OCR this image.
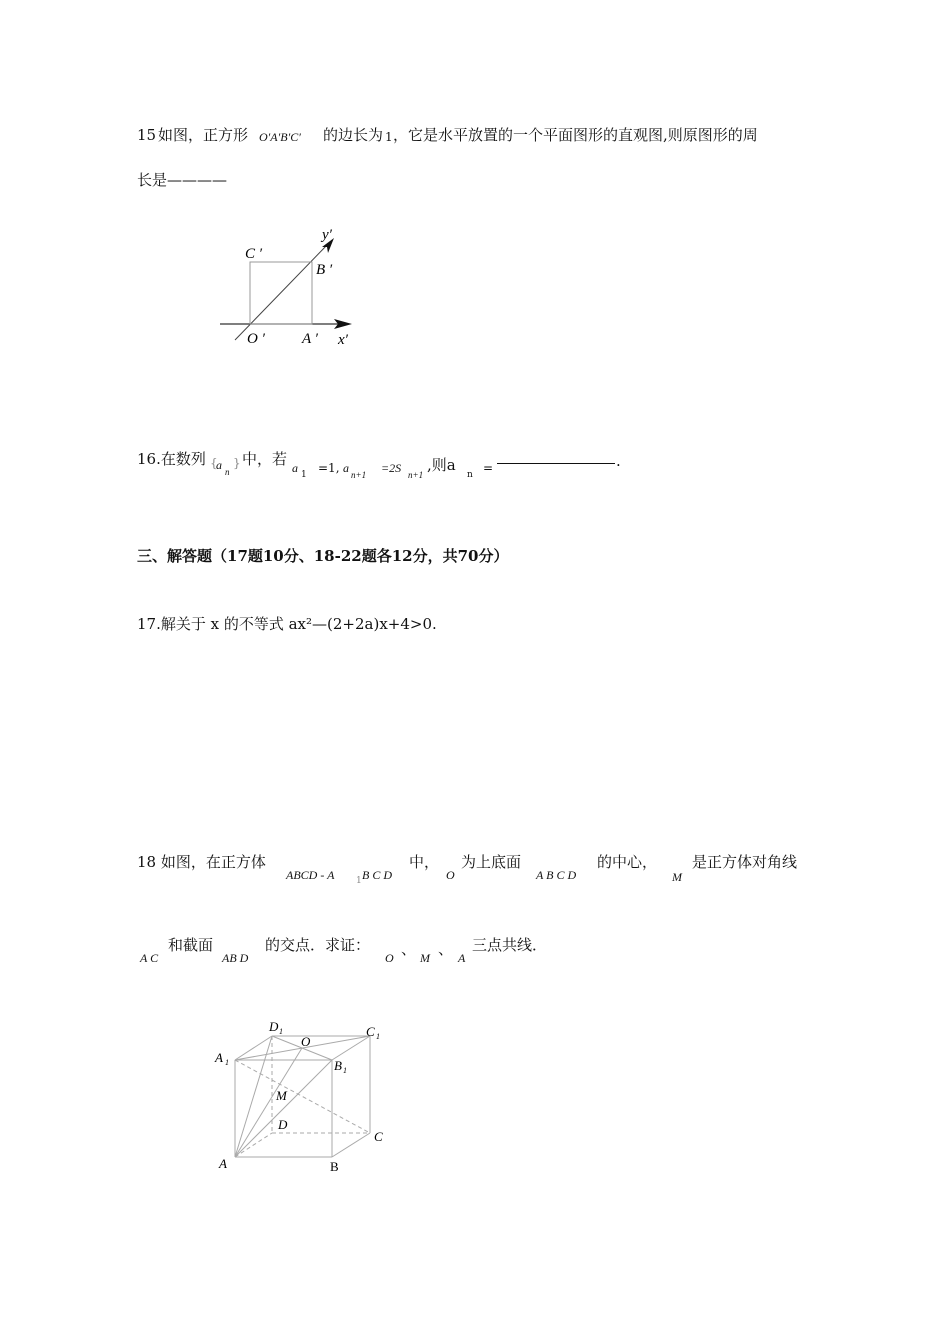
15 如图，正方形 O′A′B′C′ 的边长为 1 ，它是水平放置的一个平面图形的直观图,则原图形的周
长是————
y′
C ′
B ′
O ′ A ′ x′
16.在数列 {
a n
} 中，若 a 1 =1, a n+1 =2S n+1
,则a
n =	.
三、解答题（17题10分、18-22题各12分，共70分）
17.解关于 x 的不等式 ax²—(2+2a)x+4>0.
18 如图，在正方体
ABCD - A 1 B C D
中，
O
为上底面
A B C D
的中心，
M
是正方体对角线
A C
和截面
AB D
的交点．求证：
O 、 M 、 A
三点共线．
D 1
O
C 1
A 1	B 1
M
D
C
A	B
